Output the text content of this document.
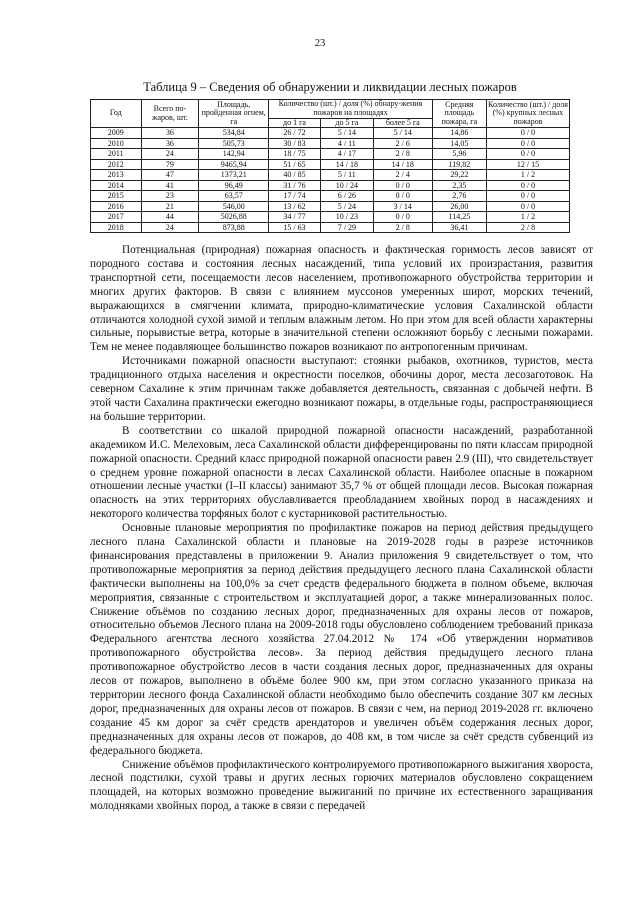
23
Таблица 9 – Сведения об обнаружении и ликвидации лесных пожаров
Год	Всего по-жаров, шт.	Площадь, пройденная огнем, га	Количество (шт.) / доля (%) обнару-жения пожаров на площадях			Средняя площадь пожара, га	Количество (шт.) / доля (%) крупных лесных пожаров
			до 1 га	до 5 га	более 5 га		
2009	36	534,84	26 / 72	5 / 14	5 / 14	14,86	0 / 0
2010	36	505,73	30 / 83	4 / 11	2 / 6	14,05	0 / 0
2011	24	142,94	18 / 75	4 / 17	2 / 8	5,96	0 / 0
2012	79	9465,94	51 / 65	14 / 18	14 / 18	119,82	12 / 15
2013	47	1373,21	40 / 85	5 / 11	2 / 4	29,22	1 / 2
2014	41	96,49	31 / 76	10 / 24	0 / 0	2,35	0 / 0
2015	23	63,57	17 / 74	6 / 26	0 / 0	2,76	0 / 0
2016	21	546,00	13 / 62	5 / 24	3 / 14	26,00	0 / 0
2017	44	5026,88	34 / 77	10 / 23	0 / 0	114,25	1 / 2
2018	24	873,88	15 / 63	7 / 29	2 / 8	36,41	2 / 8

Потенциальная (природная) пожарная опасность и фактическая горимость лесов зависят от породного состава и состояния лесных насаждений, типа условий их произрастания, развития транспортной сети, посещаемости лесов населением, противопожарного обустройства территории и многих других факторов. В связи с влиянием муссонов умеренных широт, морских течений, выражающихся в смягчении климата, природно-климатические условия Сахалинской области отличаются холодной сухой зимой и теплым влажным летом. Но при этом для всей области характерны сильные, порывистые ветра, которые в значительной степени осложняют борьбу с лесными пожарами. Тем не менее подавляющее большинство пожаров возникают по антропогенным причинам.

Источниками пожарной опасности выступают: стоянки рыбаков, охотников, туристов, места традиционного отдыха населения и окрестности поселков, обочины дорог, места лесозаготовок. На северном Сахалине к этим причинам также добавляется деятельность, связанная с добычей нефти. В этой части Сахалина практически ежегодно возникают пожары, в отдельные годы, распространяющиеся на большие территории.

В соответствии со шкалой природной пожарной опасности насаждений, разработанной академиком И.С. Мелеховым, леса Сахалинской области дифференцированы по пяти классам природной пожарной опасности. Средний класс природной пожарной опасности равен 2.9 (III), что свидетельствует о среднем уровне пожарной опасности в лесах Сахалинской области. Наиболее опасные в пожарном отношении лесные участки (I–II классы) занимают 35,7 % от общей площади лесов. Высокая пожарная опасность на этих территориях обуславливается преобладанием хвойных пород в насаждениях и некоторого количества торфяных болот с кустарниковой растительностью.

Основные плановые мероприятия по профилактике пожаров на период действия предыдущего лесного плана Сахалинской области и плановые на 2019-2028 годы в разрезе источников финансирования представлены в приложении 9. Анализ приложения 9 свидетельствует о том, что противопожарные мероприятия за период действия предыдущего лесного плана Сахалинской области фактически выполнены на 100,0% за счет средств федерального бюджета в полном объеме, включая мероприятия, связанные с строительством и эксплуатацией дорог, а также минерализованных полос. Снижение объёмов по созданию лесных дорог, предназначенных для охраны лесов от пожаров, относительно объемов Лесного плана на 2009-2018 годы обусловлено соблюдением требований приказа Федерального агентства лесного хозяйства 27.04.2012 № 174 «Об утверждении нормативов противопожарного обустройства лесов». За период действия предыдущего лесного плана противопожарное обустройство лесов в части создания лесных дорог, предназначенных для охраны лесов от пожаров, выполнено в объёме более 900 км, при этом согласно указанного приказа на территории лесного фонда Сахалинской области необходимо было обеспечить создание 307 км лесных дорог, предназначенных для охраны лесов от пожаров. В связи с чем, на период 2019-2028 гг. включено создание 45 км дорог за счёт средств арендаторов и увеличен объём содержания лесных дорог, предназначенных для охраны лесов от пожаров, до 408 км, в том числе за счёт средств субвенций из федерального бюджета.

Снижение объёмов профилактического контролируемого противопожарного выжигания хвороста, лесной подстилки, сухой травы и других лесных горючих материалов обусловлено сокращением площадей, на которых возможно проведение выжиганий по причине их естественного заращивания молодняками хвойных пород, а также в связи с передачей
